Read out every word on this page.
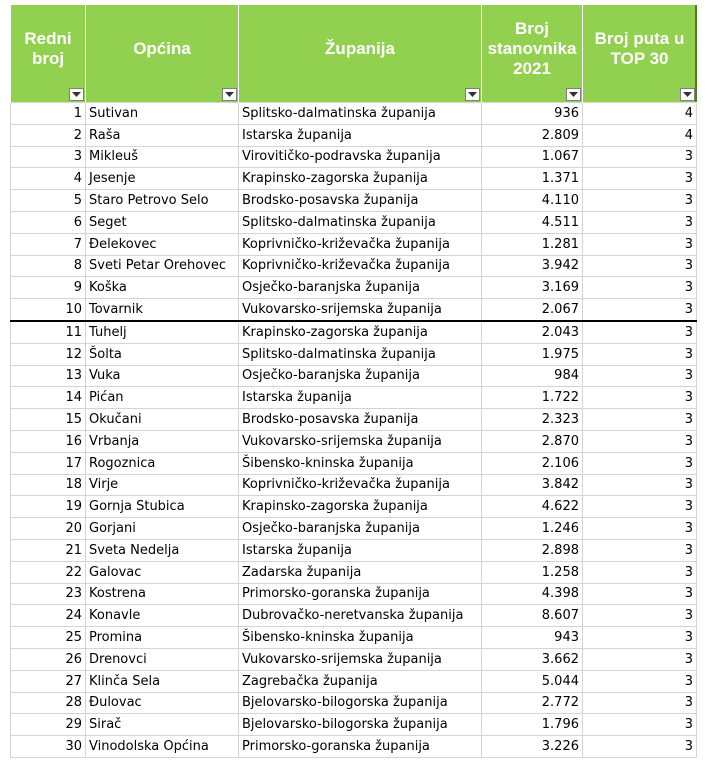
Redni broj	Općina	Županija	Broj stanovnika 2021	Broj puta u TOP 30

1	Sutivan	Splitsko-dalmatinska županija	936	4
2	Raša	Istarska županija	2.809	4
3	Mikleuš	Virovitičko-podravska županija	1.067	3
4	Jesenje	Krapinsko-zagorska županija	1.371	3
5	Staro Petrovo Selo	Brodsko-posavska županija	4.110	3
6	Seget	Splitsko-dalmatinska županija	4.511	3
7	Đelekovec	Koprivničko-križevačka županija	1.281	3
8	Sveti Petar Orehovec	Koprivničko-križevačka županija	3.942	3
9	Koška	Osječko-baranjska županija	3.169	3
10	Tovarnik	Vukovarsko-srijemska županija	2.067	3
11	Tuhelj	Krapinsko-zagorska županija	2.043	3
12	Šolta	Splitsko-dalmatinska županija	1.975	3
13	Vuka	Osječko-baranjska županija	984	3
14	Pićan	Istarska županija	1.722	3
15	Okučani	Brodsko-posavska županija	2.323	3
16	Vrbanja	Vukovarsko-srijemska županija	2.870	3
17	Rogoznica	Šibensko-kninska županija	2.106	3
18	Virje	Koprivničko-križevačka županija	3.842	3
19	Gornja Stubica	Krapinsko-zagorska županija	4.622	3
20	Gorjani	Osječko-baranjska županija	1.246	3
21	Sveta Nedelja	Istarska županija	2.898	3
22	Galovac	Zadarska županija	1.258	3
23	Kostrena	Primorsko-goranska županija	4.398	3
24	Konavle	Dubrovačko-neretvanska županija	8.607	3
25	Promina	Šibensko-kninska županija	943	3
26	Drenovci	Vukovarsko-srijemska županija	3.662	3
27	Klinča Sela	Zagrebačka županija	5.044	3
28	Đulovac	Bjelovarsko-bilogorska županija	2.772	3
29	Sirač	Bjelovarsko-bilogorska županija	1.796	3
30	Vinodolska Općina	Primorsko-goranska županija	3.226	3
